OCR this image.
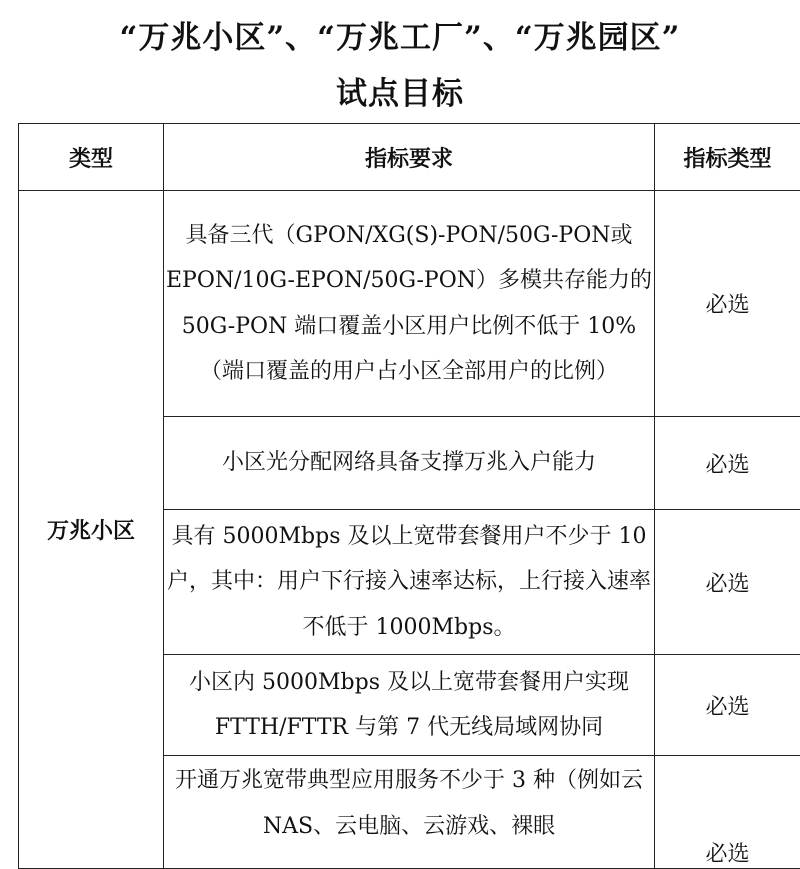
“万兆小区”、“万兆工厂”、“万兆园区”
试点目标
类型	指标要求	指标类型
万兆小区	具备三代（GPON/XG(S)-PON/50G-PON或 EPON/10G-EPON/50G-PON）多模共存能力的 50G-PON 端口覆盖小区用户比例不低于 10%（端口覆盖的用户占小区全部用户的比例）	必选
	小区光分配网络具备支撑万兆入户能力	必选
	具有 5000Mbps 及以上宽带套餐用户不少于 10 户，其中：用户下行接入速率达标，上行接入速率不低于 1000Mbps。	必选
	小区内 5000Mbps 及以上宽带套餐用户实现 FTTH/FTTR 与第 7 代无线局域网协同	必选
	开通万兆宽带典型应用服务不少于 3 种（例如云 NAS、云电脑、云游戏、裸眼	必选
